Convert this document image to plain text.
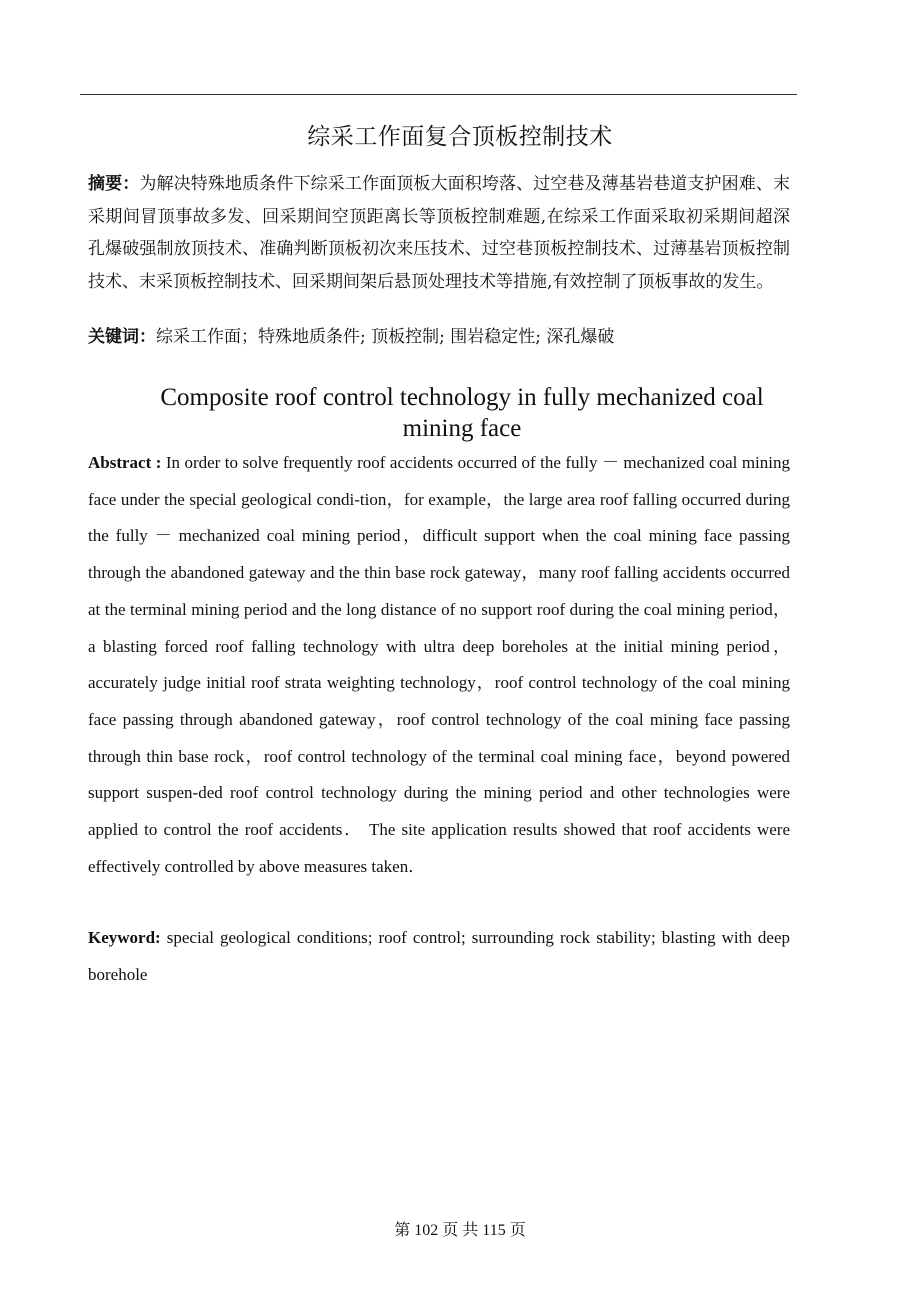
综采工作面复合顶板控制技术
摘要：为解决特殊地质条件下综采工作面顶板大面积垮落、过空巷及薄基岩巷道支护困难、末采期间冒顶事故多发、回采期间空顶距离长等顶板控制难题,在综采工作面采取初采期间超深孔爆破强制放顶技术、准确判断顶板初次来压技术、过空巷顶板控制技术、过薄基岩顶板控制技术、末采顶板控制技术、回采期间架后悬顶处理技术等措施,有效控制了顶板事故的发生。
关键词：综采工作面；特殊地质条件; 顶板控制; 围岩稳定性; 深孔爆破
Composite roof control technology in fully mechanized coal
mining face
Abstract : In order to solve frequently roof accidents occurred of the fully － mechanized coal mining face under the special geological condi-tion，for example，the large area roof falling occurred during the fully － mechanized coal mining period，difficult support when the coal mining face passing through the abandoned gateway and the thin base rock gateway，many roof falling accidents occurred at the terminal mining period and the long distance of no support roof during the coal mining period，a blasting forced roof falling technology with ultra deep boreholes at the initial mining period，accurately judge initial roof strata weighting technology，roof control technology of the coal mining face passing through abandoned gateway，roof control technology of the coal mining face passing through thin base rock，roof control technology of the terminal coal mining face，beyond powered support suspen-ded roof control technology during the mining period and other technologies were applied to control the roof accidents． The site application results showed that roof accidents were effectively controlled by above measures taken．
Keyword: special geological conditions; roof control; surrounding rock stability; blasting with deep borehole
第 102 页 共 115 页
